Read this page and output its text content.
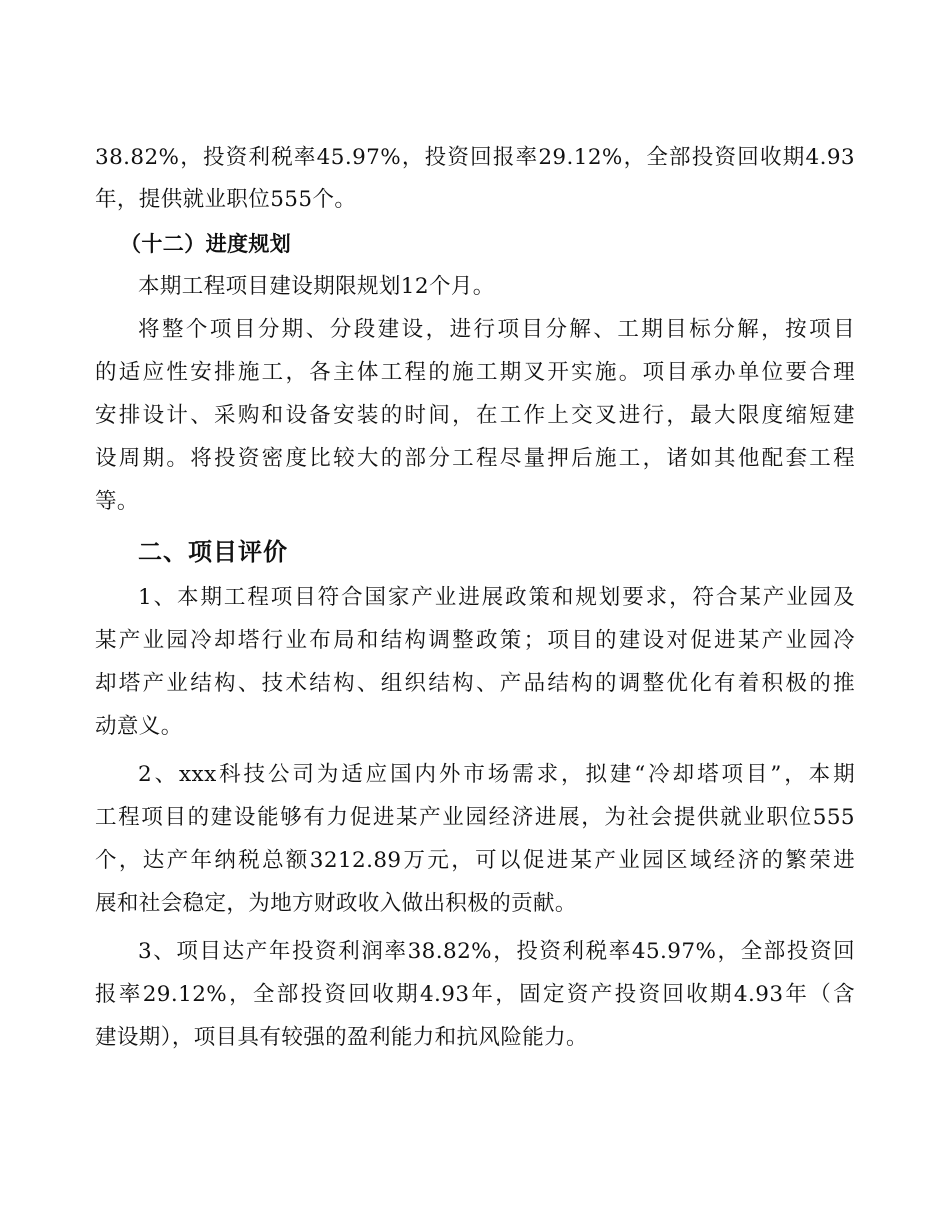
38.82%，投资利税率45.97%，投资回报率29.12%，全部投资回收期4.93
年，提供就业职位555个。
（十二）进度规划
本期工程项目建设期限规划12个月。
将整个项目分期、分段建设，进行项目分解、工期目标分解，按项目
的适应性安排施工，各主体工程的施工期叉开实施。项目承办单位要合理
安排设计、采购和设备安装的时间，在工作上交叉进行，最大限度缩短建
设周期。将投资密度比较大的部分工程尽量押后施工，诸如其他配套工程
等。
二、项目评价
1、本期工程项目符合国家产业进展政策和规划要求，符合某产业园及
某产业园冷却塔行业布局和结构调整政策；项目的建设对促进某产业园冷
却塔产业结构、技术结构、组织结构、产品结构的调整优化有着积极的推
动意义。
2、xxx科技公司为适应国内外市场需求，拟建“冷却塔项目”，本期
工程项目的建设能够有力促进某产业园经济进展，为社会提供就业职位555
个，达产年纳税总额3212.89万元，可以促进某产业园区域经济的繁荣进
展和社会稳定，为地方财政收入做出积极的贡献。
3、项目达产年投资利润率38.82%，投资利税率45.97%，全部投资回
报率29.12%，全部投资回收期4.93年，固定资产投资回收期4.93年（含
建设期），项目具有较强的盈利能力和抗风险能力。
